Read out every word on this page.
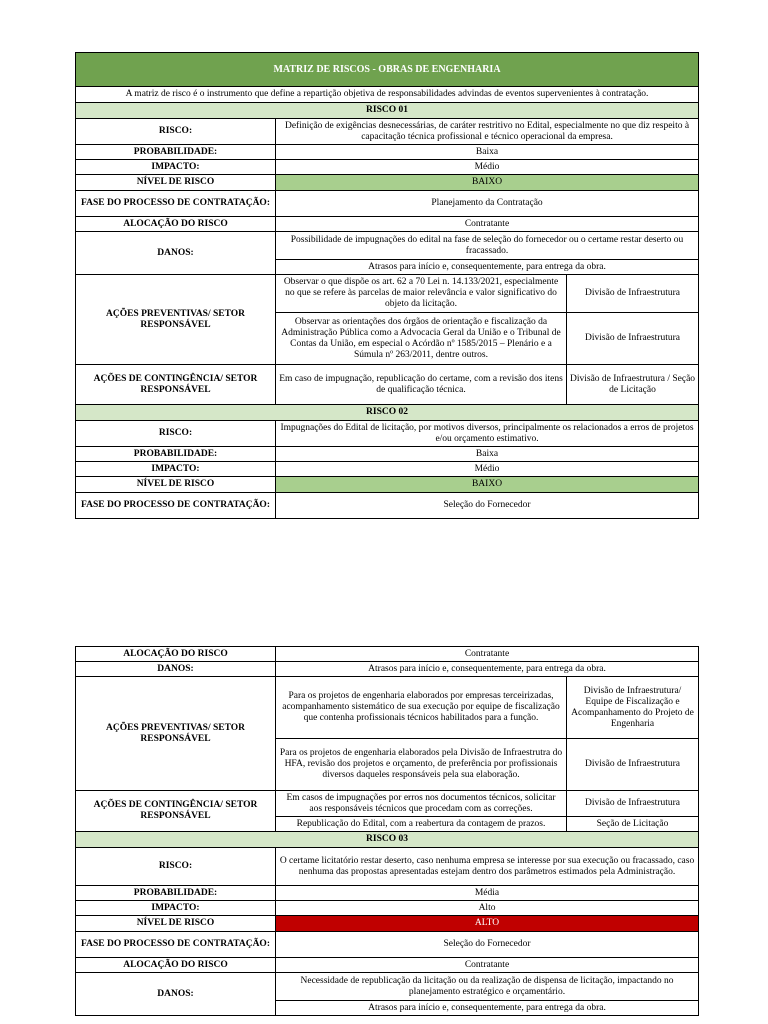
MATRIZ DE RISCOS - OBRAS DE ENGENHARIA		
A matriz de risco é o instrumento que define a repartição objetiva de responsabilidades advindas de eventos supervenientes à contratação.		
RISCO 01		
RISCO:	Definição de exigências desnecessárias, de caráter restritivo no Edital, especialmente no que diz respeito à capacitação técnica profissional e técnico operacional da empresa.	
PROBABILIDADE:	Baixa	
IMPACTO:	Médio	
NÍVEL DE RISCO	BAIXO	
FASE DO PROCESSO DE CONTRATAÇÃO:	Planejamento da Contratação	
ALOCAÇÃO DO RISCO	Contratante	
DANOS:	Possibilidade de impugnações do edital na fase de seleção do fornecedor ou o certame restar deserto ou fracassado.	
	Atrasos para início e, consequentemente, para entrega da obra.	
AÇÕES PREVENTIVAS/ SETOR RESPONSÁVEL	Observar o que dispõe os art. 62 a 70 Lei n. 14.133/2021, especialmente no que se refere às parcelas de maior relevância e valor significativo do objeto da licitação.	Divisão de Infraestrutura
	Observar as orientações dos órgãos de orientação e fiscalização da Administração Pública como a Advocacia Geral da União e o Tribunal de Contas da União, em especial o Acórdão nº 1585/2015 – Plenário e a Súmula nº 263/2011, dentre outros.	Divisão de Infraestrutura
AÇÕES DE CONTINGÊNCIA/ SETOR RESPONSÁVEL	Em caso de impugnação, republicação do certame, com a revisão dos itens de qualificação técnica.	Divisão de Infraestrutura / Seção de Licitação
RISCO 02		
RISCO:	Impugnações do Edital de licitação, por motivos diversos, principalmente os relacionados a erros de projetos e/ou orçamento estimativo.	
PROBABILIDADE:	Baixa	
IMPACTO:	Médio	
NÍVEL DE RISCO	BAIXO	
FASE DO PROCESSO DE CONTRATAÇÃO:	Seleção do Fornecedor	
ALOCAÇÃO DO RISCO	Contratante	
DANOS:	Atrasos para início e, consequentemente, para entrega da obra.	
AÇÕES PREVENTIVAS/ SETOR RESPONSÁVEL	Para os projetos de engenharia elaborados por empresas terceirizadas, acompanhamento sistemático de sua execução por equipe de fiscalização que contenha profissionais técnicos habilitados para a função.	Divisão de Infraestrutura/ Equipe de Fiscalização e Acompanhamento do Projeto de Engenharia
	Para os projetos de engenharia elaborados pela Divisão de Infraestrutra do HFA, revisão dos projetos e orçamento, de preferência por profissionais diversos daqueles responsáveis pela sua elaboração.	Divisão de Infraestrutura
AÇÕES DE CONTINGÊNCIA/ SETOR RESPONSÁVEL	Em casos de impugnações por erros nos documentos técnicos, solicitar aos responsáveis técnicos que procedam com as correções.	Divisão de Infraestrutura
	Republicação do Edital, com a reabertura da contagem de prazos.	Seção de Licitação
RISCO 03		
RISCO:	O certame licitatório restar deserto, caso nenhuma empresa se interesse por sua execução ou fracassado, caso nenhuma das propostas apresentadas estejam dentro dos parâmetros estimados pela Administração.	
PROBABILIDADE:	Média	
IMPACTO:	Alto	
NÍVEL DE RISCO	ALTO	
FASE DO PROCESSO DE CONTRATAÇÃO:	Seleção do Fornecedor	
ALOCAÇÃO DO RISCO	Contratante	
DANOS:	Necessidade de republicação da licitação ou da realização de dispensa de licitação, impactando no planejamento estratégico e orçamentário.	
	Atrasos para início e, consequentemente, para entrega da obra.	
